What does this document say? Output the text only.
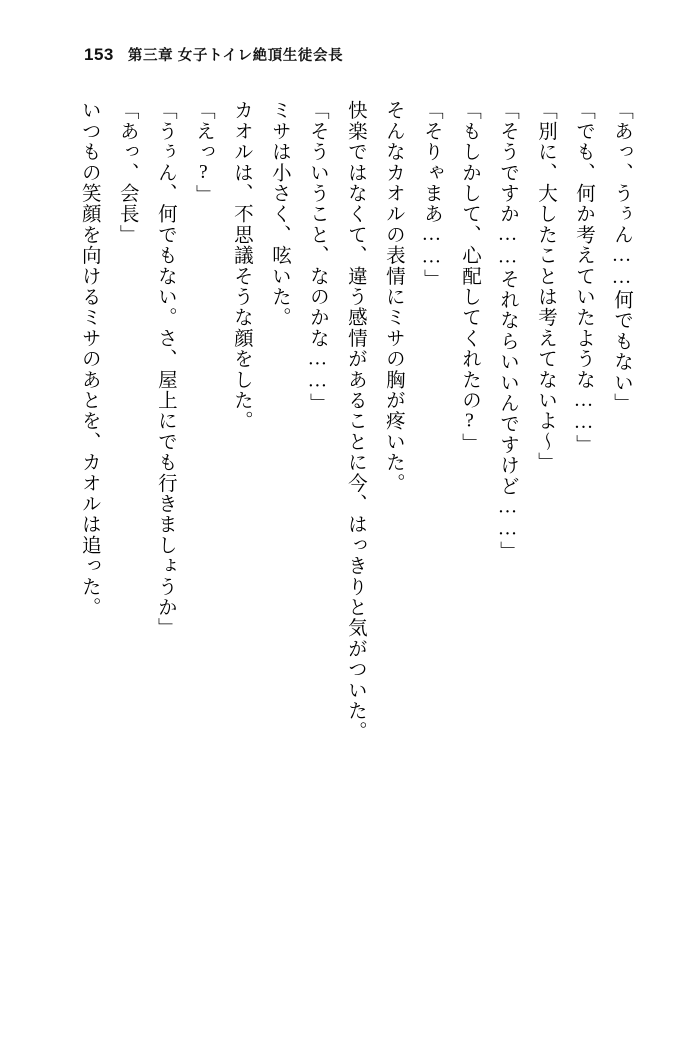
153 第三章 女子トイレ絶頂生徒会長
「あっ、うぅん……何でもない」
「でも、何か考えていたような……」
「別に、大したことは考えてないよ〜」
「そうですか……それならいいんですけど……」
「もしかして、心配してくれたの?」
「そりゃまあ……」
そんなカオルの表情にミサの胸が疼いた。
快楽ではなくて、違う感情があることに今、はっきりと気がついた。
「そういうこと、なのかな……」
ミサは小さく、呟いた。
カオルは、不思議そうな顔をした。
「えっ?」
「うぅん、何でもない。さ、屋上にでも行きましょうか」
「あっ、会長」
いつもの笑顔を向けるミサのあとを、カオルは追った。
